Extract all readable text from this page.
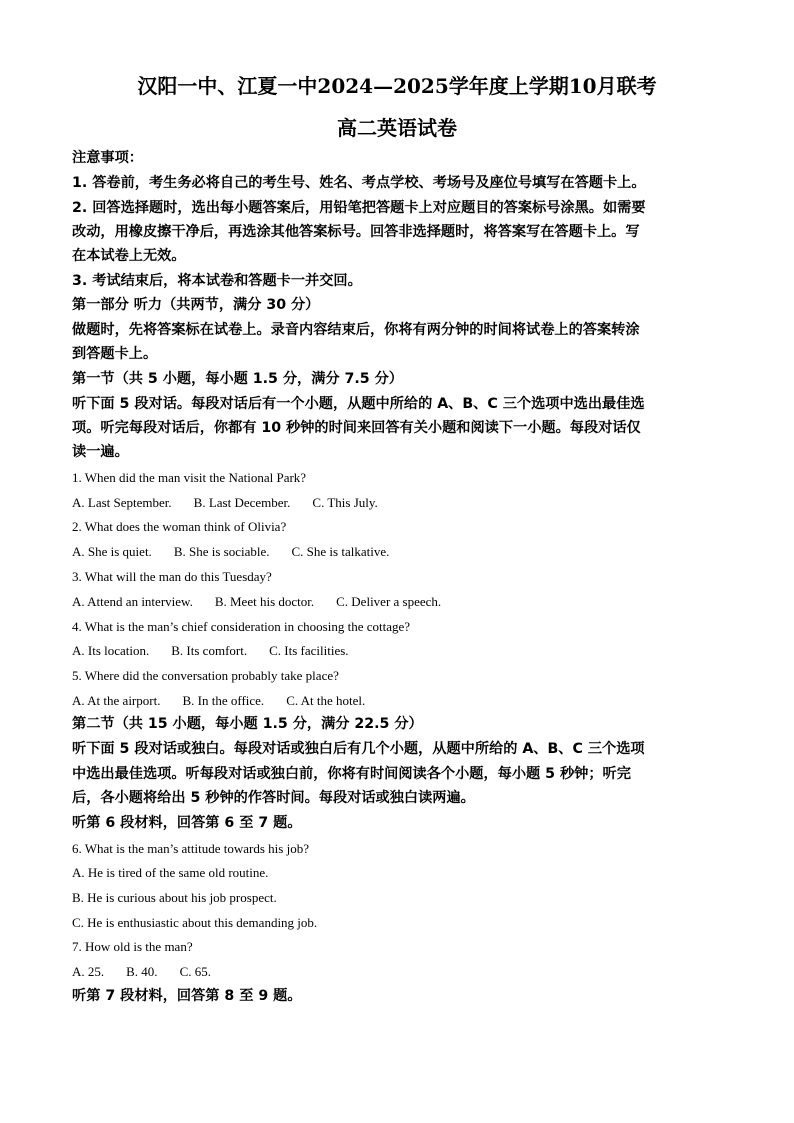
汉阳一中、江夏一中2024—2025学年度上学期10月联考
高二英语试卷
注意事项：
1. 答卷前，考生务必将自己的考生号、姓名、考点学校、考场号及座位号填写在答题卡上。
2. 回答选择题时，选出每小题答案后，用铅笔把答题卡上对应题目的答案标号涂黑。如需要
改动，用橡皮擦干净后，再选涂其他答案标号。回答非选择题时，将答案写在答题卡上。写
在本试卷上无效。
3. 考试结束后，将本试卷和答题卡一并交回。
第一部分 听力（共两节，满分 30 分）
做题时，先将答案标在试卷上。录音内容结束后，你将有两分钟的时间将试卷上的答案转涂
到答题卡上。
第一节（共 5 小题，每小题 1.5 分，满分 7.5 分）
听下面 5 段对话。每段对话后有一个小题，从题中所给的 A、B、C 三个选项中选出最佳选
项。听完每段对话后，你都有 10 秒钟的时间来回答有关小题和阅读下一小题。每段对话仅
读一遍。
1. When did the man visit the National Park?
A. Last September. B. Last December. C. This July.
2. What does the woman think of Olivia?
A. She is quiet. B. She is sociable. C. She is talkative.
3. What will the man do this Tuesday?
A. Attend an interview. B. Meet his doctor. C. Deliver a speech.
4. What is the man’s chief consideration in choosing the cottage?
A. Its location. B. Its comfort. C. Its facilities.
5. Where did the conversation probably take place?
A. At the airport. B. In the office. C. At the hotel.
第二节（共 15 小题，每小题 1.5 分，满分 22.5 分）
听下面 5 段对话或独白。每段对话或独白后有几个小题，从题中所给的 A、B、C 三个选项
中选出最佳选项。听每段对话或独白前，你将有时间阅读各个小题，每小题 5 秒钟；听完
后，各小题将给出 5 秒钟的作答时间。每段对话或独白读两遍。
听第 6 段材料，回答第 6 至 7 题。
6. What is the man’s attitude towards his job?
A. He is tired of the same old routine.
B. He is curious about his job prospect.
C. He is enthusiastic about this demanding job.
7. How old is the man?
A. 25. B. 40. C. 65.
听第 7 段材料，回答第 8 至 9 题。
